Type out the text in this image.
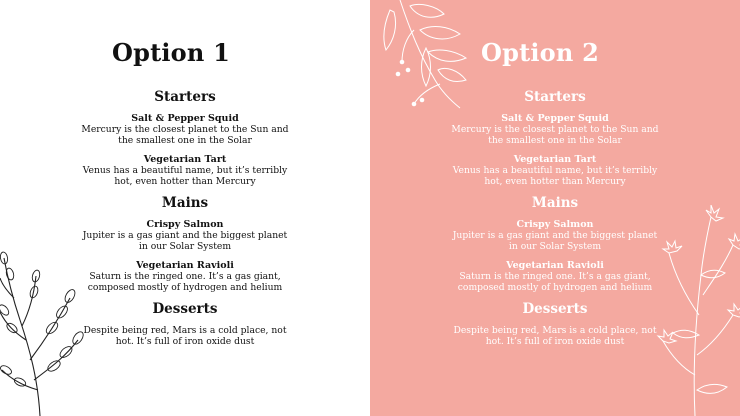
Option 1
Starters
Salt & Pepper Squid
Mercury is the closest planet to the Sun and the smallest one in the Solar
Vegetarian Tart
Venus has a beautiful name, but it’s terribly hot, even hotter than Mercury
Mains
Crispy Salmon
Jupiter is a gas giant and the biggest planet in our Solar System
Vegetarian Ravioli
Saturn is the ringed one. It’s a gas giant, composed mostly of hydrogen and helium
Desserts
Despite being red, Mars is a cold place, not hot. It’s full of iron oxide dust
Option 2
Starters
Salt & Pepper Squid
Mercury is the closest planet to the Sun and the smallest one in the Solar
Vegetarian Tart
Venus has a beautiful name, but it’s terribly hot, even hotter than Mercury
Mains
Crispy Salmon
Jupiter is a gas giant and the biggest planet in our Solar System
Vegetarian Ravioli
Saturn is the ringed one. It’s a gas giant, composed mostly of hydrogen and helium
Desserts
Despite being red, Mars is a cold place, not hot. It’s full of iron oxide dust
